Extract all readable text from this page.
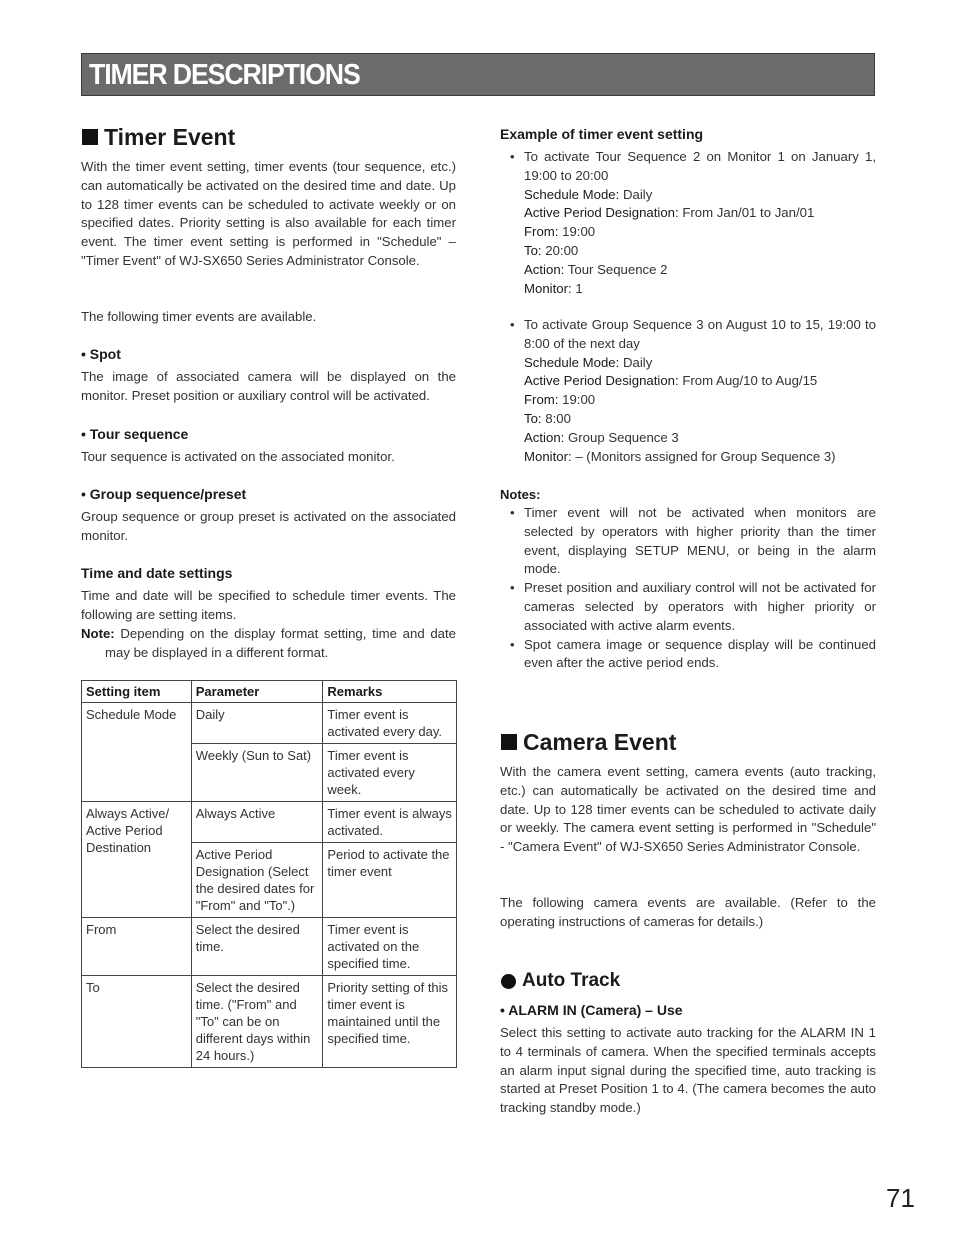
TIMER DESCRIPTIONS
Timer Event

With the timer event setting, timer events (tour sequence, etc.) can automatically be activated on the desired time and date. Up to 128 timer events can be scheduled to activate weekly or on specified dates. Priority setting is also available for each timer event. The timer event setting is performed in "Schedule" – "Timer Event" of WJ-SX650 Series Administrator Console.

The following timer events are available.

• Spot

The image of associated camera will be displayed on the monitor. Preset position or auxiliary control will be activated.

• Tour sequence

Tour sequence is activated on the associated monitor.

• Group sequence/preset

Group sequence or group preset is activated on the associated monitor.

Time and date settings

Time and date will be specified to schedule timer events. The following are setting items.

Note: Depending on the display format setting, time and date may be displayed in a different format.
Setting item	Parameter	Remarks
Schedule Mode	Daily	Timer event is activated every day.
	Weekly (Sun to Sat)	Timer event is activated every week.
Always Active/ Active Period Destination	Always Active	Timer event is always activated.
	Active Period Designation (Select the desired dates for "From" and "To".)	Period to activate the timer event
From	Select the desired time.	Timer event is activated on the specified time.
To	Select the desired time. ("From" and "To" can be on different days within 24 hours.)	Priority setting of this timer event is maintained until the specified time.
Example of timer event setting
• To activate Tour Sequence 2 on Monitor 1 on January 1, 19:00 to 20:00
Schedule Mode: Daily
Active Period Designation: From Jan/01 to Jan/01
From: 19:00
To: 20:00
Action: Tour Sequence 2
Monitor: 1
• To activate Group Sequence 3 on August 10 to 15, 19:00 to 8:00 of the next day
Schedule Mode: Daily
Active Period Designation: From Aug/10 to Aug/15
From: 19:00
To: 8:00
Action: Group Sequence 3
Monitor: – (Monitors assigned for Group Sequence 3)
Notes:
• Timer event will not be activated when monitors are selected by operators with higher priority than the timer event, displaying SETUP MENU, or being in the alarm mode.
• Preset position and auxiliary control will not be activated for cameras selected by operators with higher priority or associated with active alarm events.
• Spot camera image or sequence display will be continued even after the active period ends.
Camera Event

With the camera event setting, camera events (auto tracking, etc.) can automatically be activated on the desired time and date. Up to 128 timer events can be scheduled to activate daily or weekly. The camera event setting is performed in "Schedule" - "Camera Event" of WJ-SX650 Series Administrator Console.

The following camera events are available. (Refer to the operating instructions of cameras for details.)

Auto Track
• ALARM IN (Camera) – Use

Select this setting to activate auto tracking for the ALARM IN 1 to 4 terminals of camera. When the specified terminals accepts an alarm input signal during the specified time, auto tracking is started at Preset Position 1 to 4. (The camera becomes the auto tracking standby mode.)

71
